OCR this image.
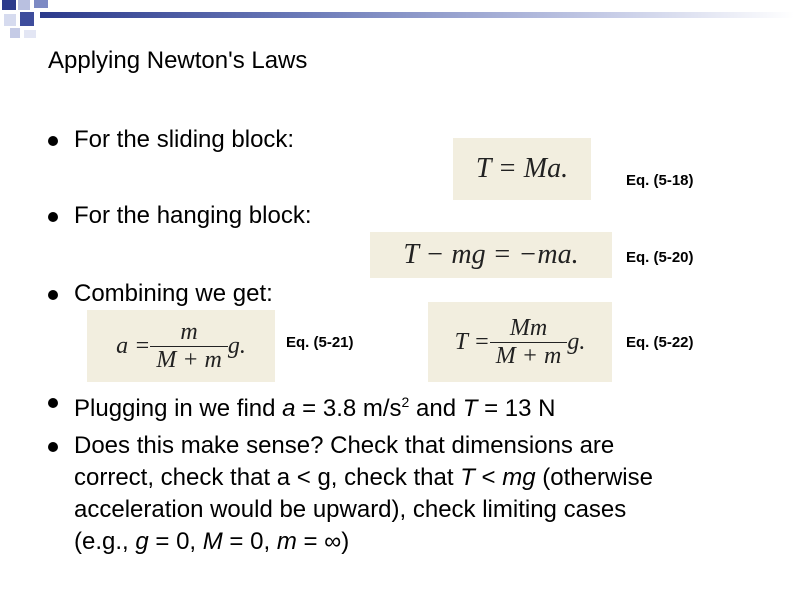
Applying Newton's Laws
For the sliding block:
T = Ma.	Eq. (5-18)
For the hanging block:
T − mg = −ma.	Eq. (5-20)
Combining we get:
$a = \frac{m}{M + m} g$.	Eq. (5-21)	$T = \frac{Mm}{M + m} g$.	Eq. (5-22)
Plugging in we find a = 3.8 $m/s^2$ and T = 13 N
Does this make sense? Check that dimensions are
correct, check that a < g, check that T < mg (otherwise
acceleration would be upward), check limiting cases
(e.g., g = 0, M = 0, m = ∞)
